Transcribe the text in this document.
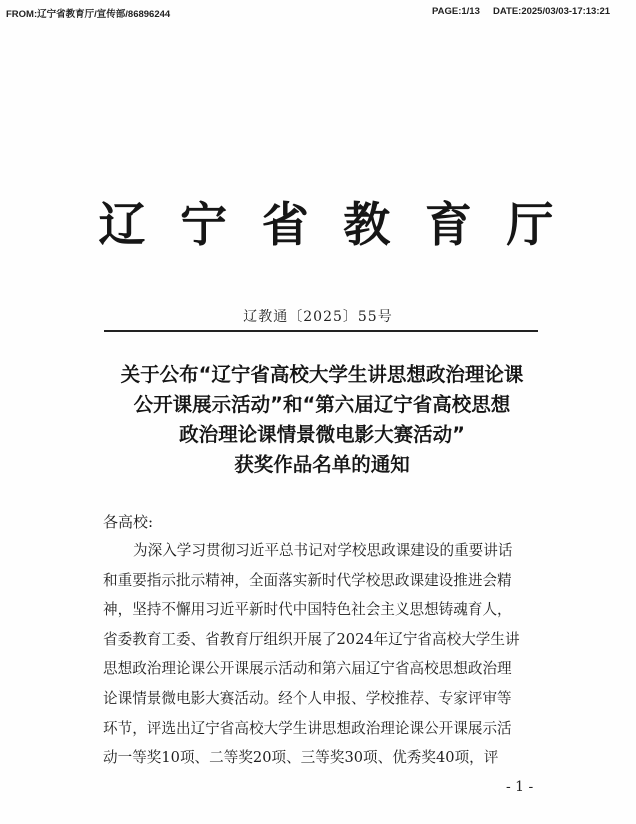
FROM:辽宁省教育厅/宣传部/86896244	PAGE:1/13 DATE:2025/03/03-17:13:21
辽 宁 省 教 育 厅
辽教通〔2025〕55号
关于公布“辽宁省高校大学生讲思想政治理论课
公开课展示活动”和“第六届辽宁省高校思想
政治理论课情景微电影大赛活动”
获奖作品名单的通知
各高校:
为深入学习贯彻习近平总书记对学校思政课建设的重要讲话
和重要指示批示精神，全面落实新时代学校思政课建设推进会精
神，坚持不懈用习近平新时代中国特色社会主义思想铸魂育人，
省委教育工委、省教育厅组织开展了2024年辽宁省高校大学生讲
思想政治理论课公开课展示活动和第六届辽宁省高校思想政治理
论课情景微电影大赛活动。经个人申报、学校推荐、专家评审等
环节，评选出辽宁省高校大学生讲思想政治理论课公开课展示活
动一等奖10项、二等奖20项、三等奖30项、优秀奖40项，评
- 1 -
